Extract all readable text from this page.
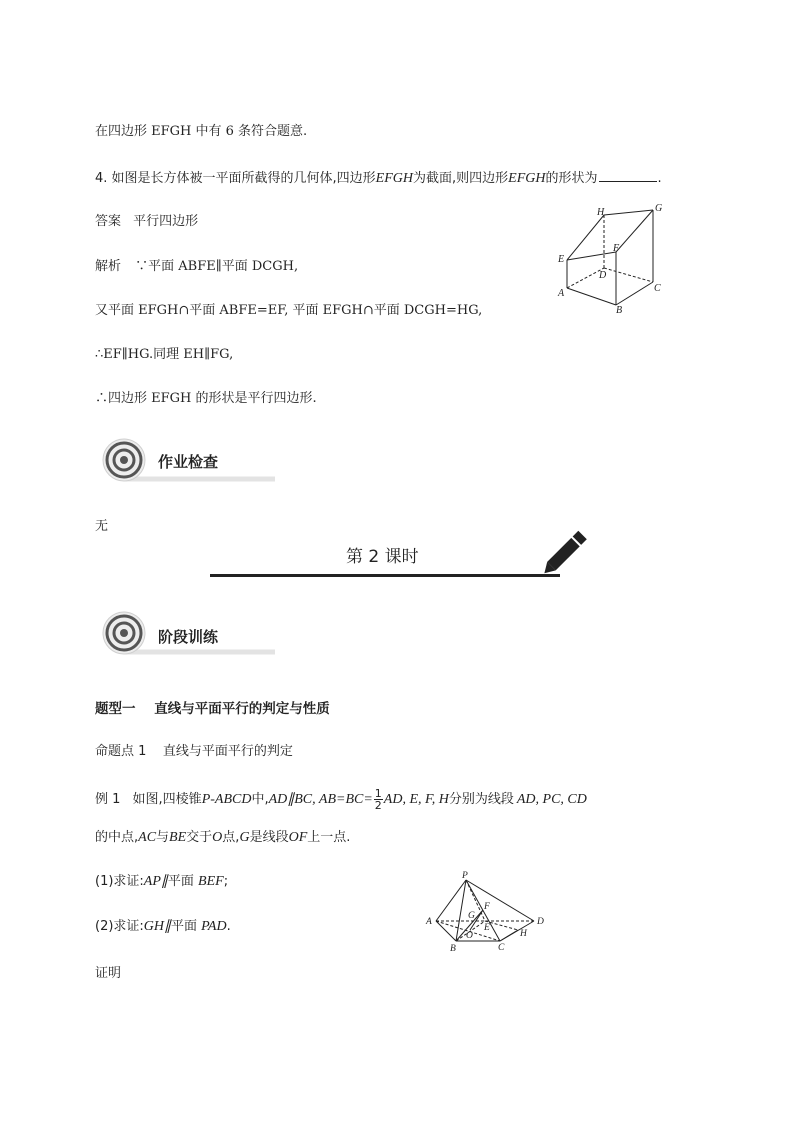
在四边形 EFGH 中有 6 条符合题意.
4. 如图是长方体被一平面所截得的几何体,四边形EFGH为截面,则四边形EFGH的形状为	.
答案 平行四边形
H	G
F
E
D
A
B
C
解析 ∵平面 ABFE∥平面 DCGH,
又平面 EFGH∩平面 ABFE=EF, 平面 EFGH∩平面 DCGH=HG,
∴EF∥HG.同理 EH∥FG,
∴四边形 EFGH 的形状是平行四边形.
作业检查
无
第 2 课时
阶段训练
题型一    直线与平面平行的判定与性质
命题点 1    直线与平面平行的判定
例 1 如图,四棱锥P-ABCD中,AD∥BC, $AB=BC= \frac{1}{2}$ AD, E, F, H分别为线段 AD, PC, CD
的中点,AC与BE交于O点,G是线段OF上一点.
(1)求证:AP∥平面 BEF;
(2)求证:GH∥平面 PAD.
P
A
B	C
D
F
G
O
E
H
证明
